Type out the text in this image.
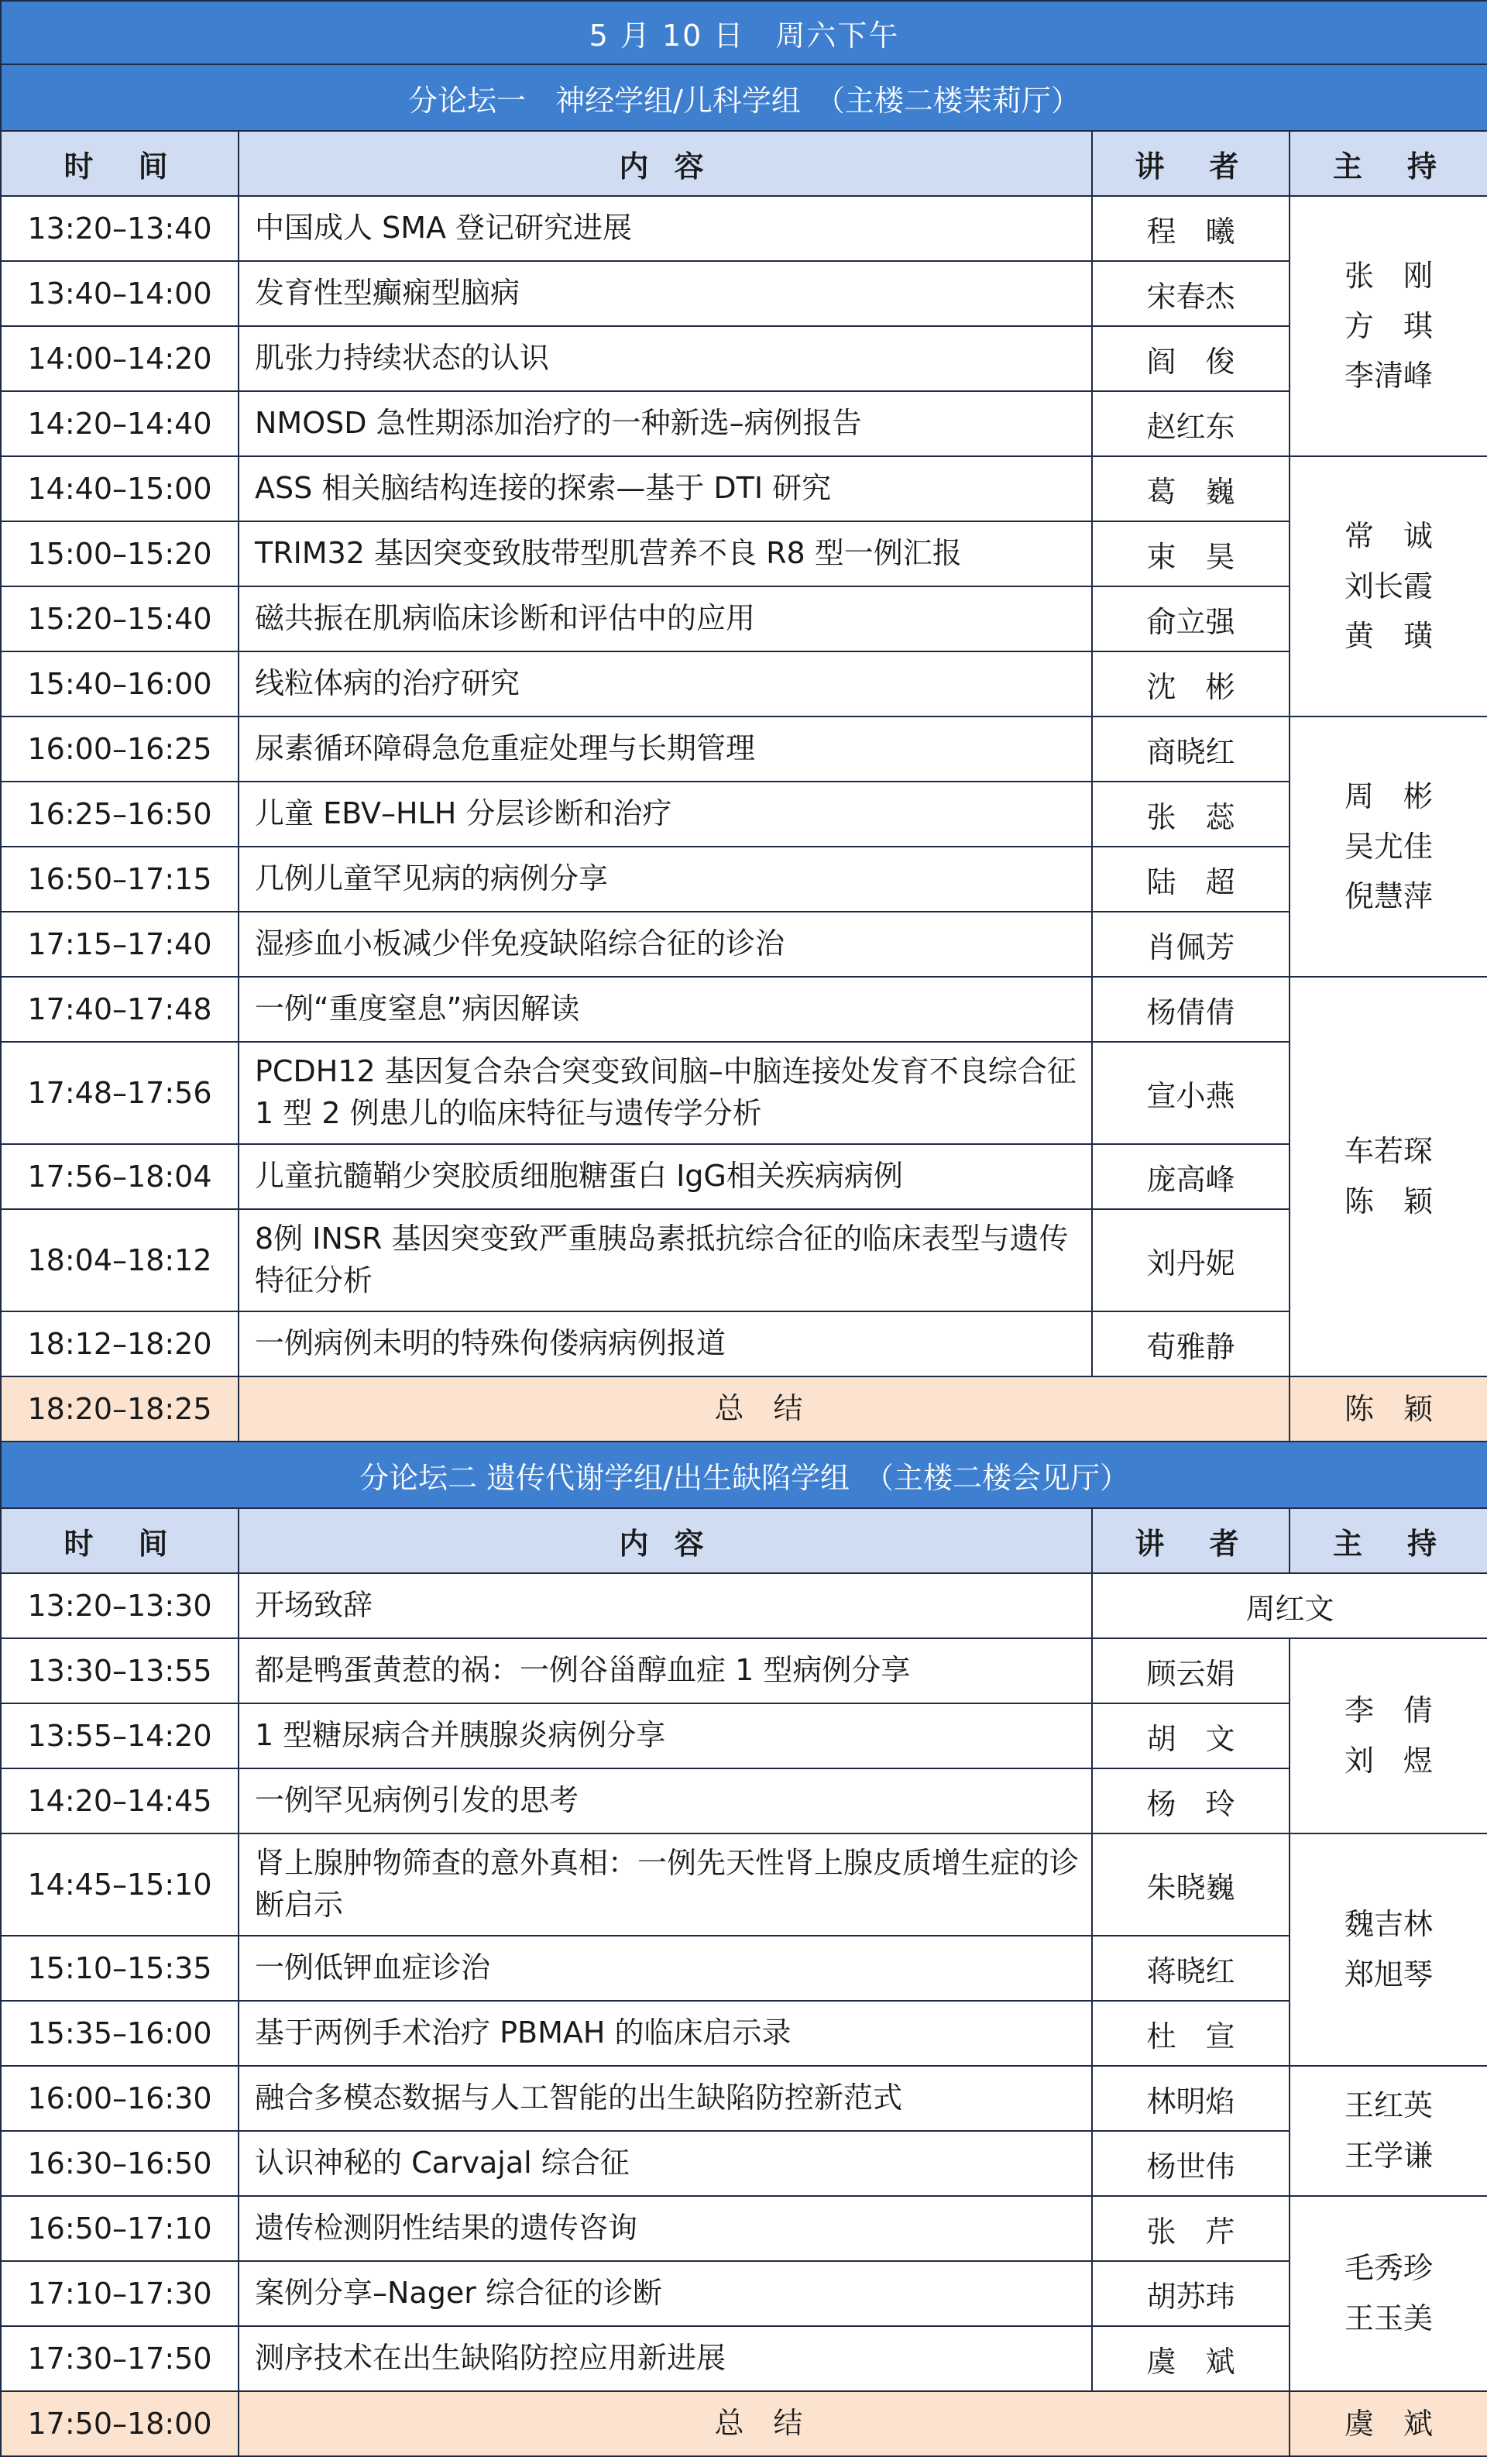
5 月 10 日　周六下午			
分论坛一　神经学组/儿科学组　（主楼二楼茉莉厅）			
时　间	内 容	讲　者	主　持
13:20–13:40	中国成人 SMA 登记研究进展	程　曦	张　刚
方　琪
李清峰

13:40–14:00	发育性型癫痫型脑病	宋春杰	
14:00–14:20	肌张力持续状态的认识	阎　俊	
14:20–14:40	NMOSD 急性期添加治疗的一种新选–病例报告	赵红东	
14:40–15:00	ASS 相关脑结构连接的探索—基于 DTI 研究	葛　巍	常　诚
刘长霞
黄　璜

15:00–15:20	TRIM32 基因突变致肢带型肌营养不良 R8 型一例汇报	束　昊	
15:20–15:40	磁共振在肌病临床诊断和评估中的应用	俞立强	
15:40–16:00	线粒体病的治疗研究	沈　彬	
16:00–16:25	尿素循环障碍急危重症处理与长期管理	商晓红	周　彬
吴尤佳
倪慧萍

16:25–16:50	儿童 EBV–HLH 分层诊断和治疗	张　蕊	
16:50–17:15	几例儿童罕见病的病例分享	陆　超	
17:15–17:40	湿疹血小板减少伴免疫缺陷综合征的诊治	肖佩芳	
17:40–17:48	一例“重度窒息”病因解读	杨倩倩	车若琛
陈　颖

17:48–17:56	PCDH12 基因复合杂合突变致间脑–中脑连接处发育不良综合征 1 型 2 例患儿的临床特征与遗传学分析	宣小燕	
17:56–18:04	儿童抗髓鞘少突胶质细胞糖蛋白 IgG相关疾病病例	庞高峰	
18:04–18:12	8例 INSR 基因突变致严重胰岛素抵抗综合征的临床表型与遗传特征分析	刘丹妮	
18:12–18:20	一例病例未明的特殊佝偻病病例报道	荀雅静	
18:20–18:25	总　结		陈　颖
分论坛二 遗传代谢学组/出生缺陷学组　（主楼二楼会见厅）			
时　间	内 容	讲　者	主　持
13:20–13:30	开场致辞	周红文	
13:30–13:55	都是鸭蛋黄惹的祸：一例谷甾醇血症 1 型病例分享	顾云娟	李　倩
刘　煜

13:55–14:20	1 型糖尿病合并胰腺炎病例分享	胡　文	
14:20–14:45	一例罕见病例引发的思考	杨　玲	
14:45–15:10	肾上腺肿物筛查的意外真相：一例先天性肾上腺皮质增生症的诊断启示	朱晓巍	魏吉林
郑旭琴

15:10–15:35	一例低钾血症诊治	蒋晓红	
15:35–16:00	基于两例手术治疗 PBMAH 的临床启示录	杜　宣	
16:00–16:30	融合多模态数据与人工智能的出生缺陷防控新范式	林明焰	王红英
王学谦

16:30–16:50	认识神秘的 Carvajal 综合征	杨世伟	
16:50–17:10	遗传检测阴性结果的遗传咨询	张　芹	毛秀珍
王玉美

17:10–17:30	案例分享–Nager 综合征的诊断	胡苏玮	
17:30–17:50	测序技术在出生缺陷防控应用新进展	虞　斌	
17:50–18:00	总　结		虞　斌
